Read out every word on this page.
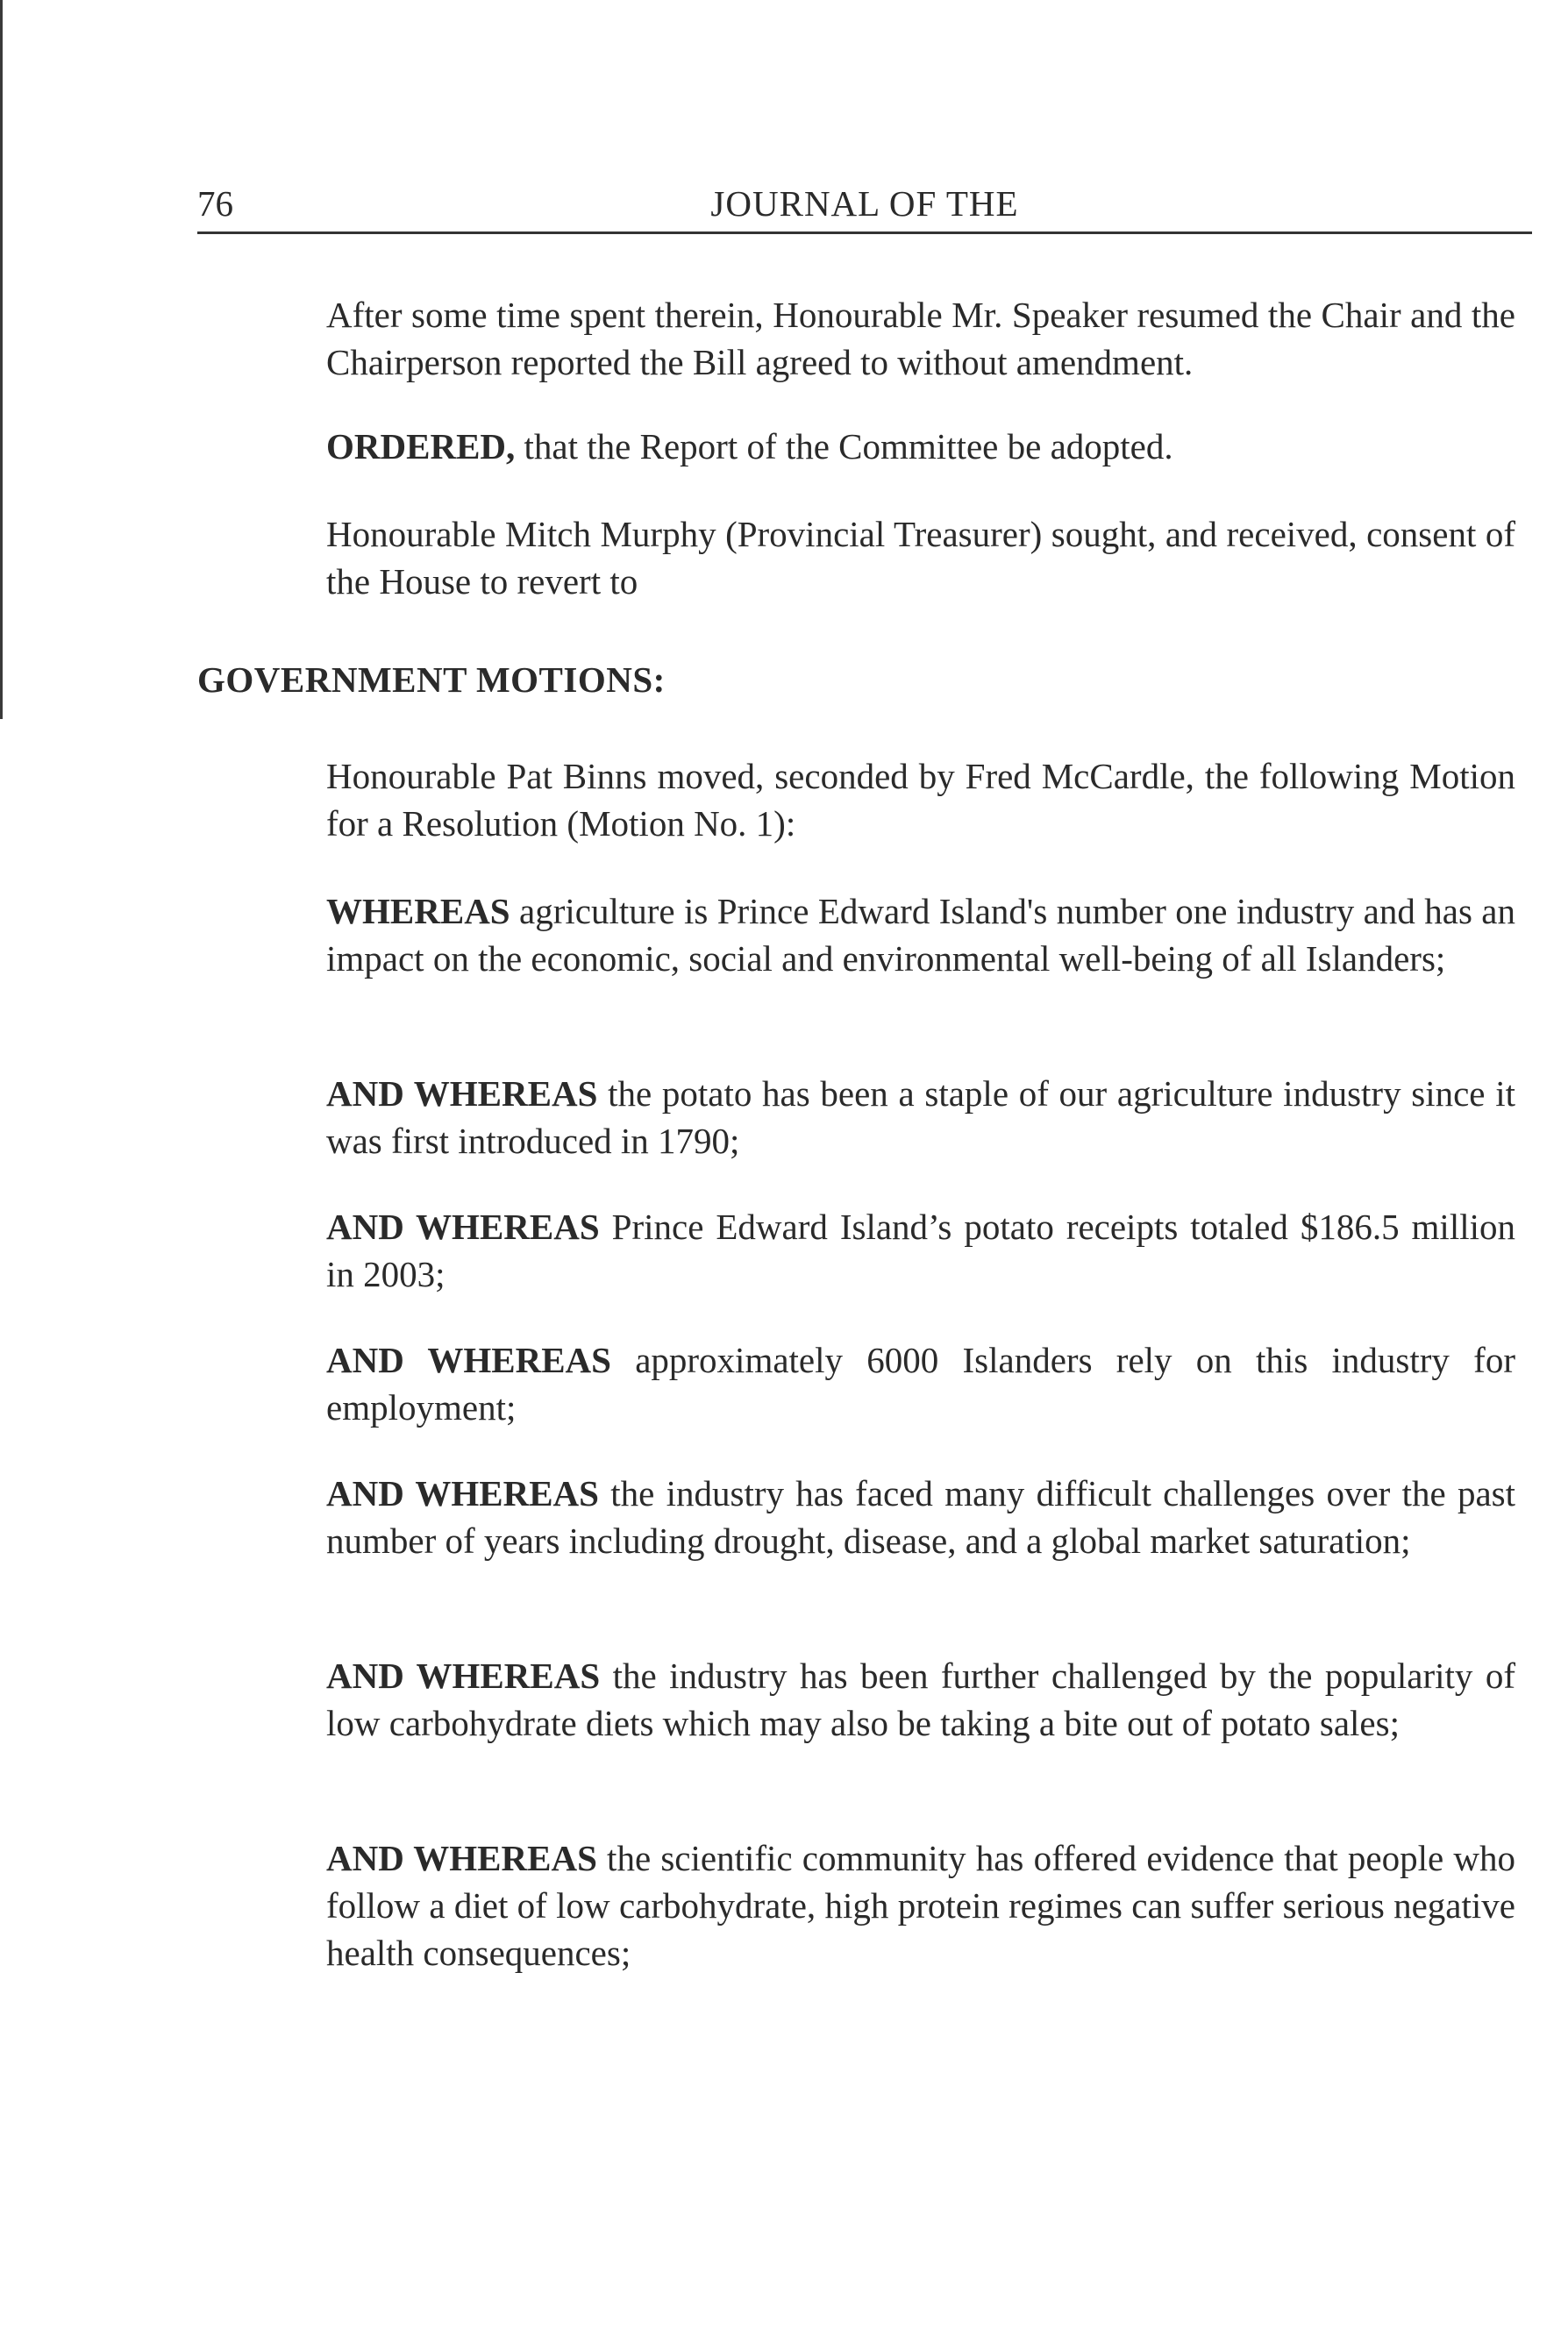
76	JOURNAL OF THE

After some time spent therein, Honourable Mr. Speaker resumed the Chair and the Chairperson reported the Bill agreed to without amendment.

ORDERED, that the Report of the Committee be adopted.

Honourable Mitch Murphy (Provincial Treasurer) sought, and received, consent of the House to revert to

GOVERNMENT MOTIONS:

Honourable Pat Binns moved, seconded by Fred McCardle, the following Motion for a Resolution (Motion No. 1):

WHEREAS agriculture is Prince Edward Island's number one industry and has an impact on the economic, social and environmental well-being of all Islanders;

AND WHEREAS the potato has been a staple of our agriculture industry since it was first introduced in 1790;

AND WHEREAS Prince Edward Island’s potato receipts totaled $186.5 million in 2003;

AND WHEREAS approximately 6000 Islanders rely on this industry for employment;

AND WHEREAS the industry has faced many difficult challenges over the past number of years including drought, disease, and a global market saturation;

AND WHEREAS the industry has been further challenged by the popularity of low carbohydrate diets which may also be taking a bite out of potato sales;

AND WHEREAS the scientific community has offered evidence that people who follow a diet of low carbohydrate, high protein regimes can suffer serious negative health consequences;
